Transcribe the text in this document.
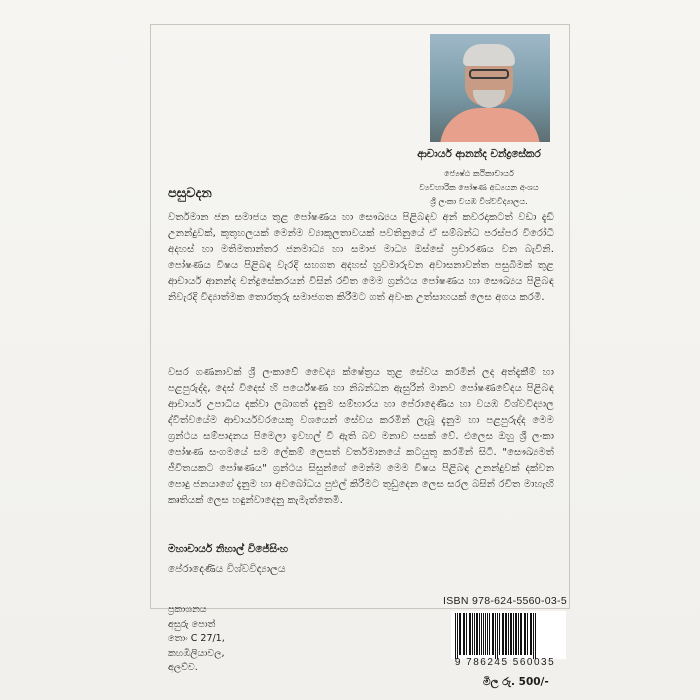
ආචාර්ය ආනන්ද චන්ද්‍රසේකර
ජ්‍යෙෂ්ඨ කථිකාචාර්ය
ව්‍යවහාරික පෝෂණ අධ්‍යයන අංශය
ශ්‍රී ලංකා වයඹ විශ්වවිද්‍යාලය.
පසුවදන

වර්තමාන ජන සමාජය තුළ පෝෂණය හා සෞඛ්‍යය පිළිබඳව අන් කවරදාකටත් වඩා දැඩි උනන්දුවක්, කුතුහලයක් මෙන්ම ව්‍යාකූලතාවයක් පවතිනුයේ ඒ සම්බන්ධ පරස්පර විරෝධී අදහස් හා මතිමතාන්තර ජනමාධ්‍ය හා සමාජ මාධ්‍ය ඔස්සේ ප්‍රචාරණය වන බැවිනි. පෝෂණය විෂය පිළිබඳ වැරදි සහගත අදහස් හුවමාරුවන අවාසනාවන්ත පසුබිමක් තුළ ආචාර්ය ආනන්ද චන්ද්‍රසේකරයන් විසින් රචිත මෙම ග්‍රන්ථය පෝෂණය හා සෞඛ්‍යය පිළිබඳ නිවැරදි විද්‍යාත්මක තොරතුරු සමාජගත කිරීමට ගත් අවංක උත්සාහයක් ලෙස අගය කරමි.

වසර ගණනාවක් ශ්‍රී ලංකාවේ වෛද්‍ය ක්ෂේත්‍රය තුළ සේවය කරමින් ලද අත්දැකීම් හා පළපුරුද්ද, දෙස් විදෙස් හි පර්යේෂණ හා නිබන්ධන ඇසුරින් මානව පෝෂණවේදය පිළිබඳ ආචාර්ය උපාධිය දක්වා ලබාගත් දැනුම සම්භාරය හා පේරාදෙණිය හා වයඹ විශ්වවිද්‍යාල ද්විත්වයේම ආචාර්යවරයෙකු වශයෙන් සේවය කරමින් ලැබූ දැනුම හා පළපුරුද්ද මෙම ග්‍රන්ථය සම්පාදනය පිමෙලා ඉවහල් වී ඇති බව මනාව පසක් වේ. එලෙස ඔහු ශ්‍රී ලංකා පෝෂණ සංගමයේ සම ලේකම් ලෙසත් වර්තමානයේ කටයුතු කරමින් සිටී. "සෞඛ්‍යමත් ජීවිතයකට පෝෂණය" ග්‍රන්ථය සිසුන්ගේ මෙන්ම මෙම විෂය පිළිබඳ උනන්දුවක් දක්වන පොදු ජනයාගේ දැනුම හා අවබෝධය පුළුල් කිරීමට තුඩුදෙන ලෙස සරල බසින් රචිත මාහැඟි කෘතියක් ලෙස හඳුන්වාදෙනු කැමැත්තෙමි.

මහාචාර්ය නිහාල් විජේසිංහ
පේරාදෙණිය විශ්වවිද්‍යාලය
ප්‍රකාශනය
අසුරු පොත්
තොං C 27/1,
කහඹිලියාවල,
අලව්ව.
ISBN 978-624-5560-03-5
9 786245 560035
මිල රු. 500/-
